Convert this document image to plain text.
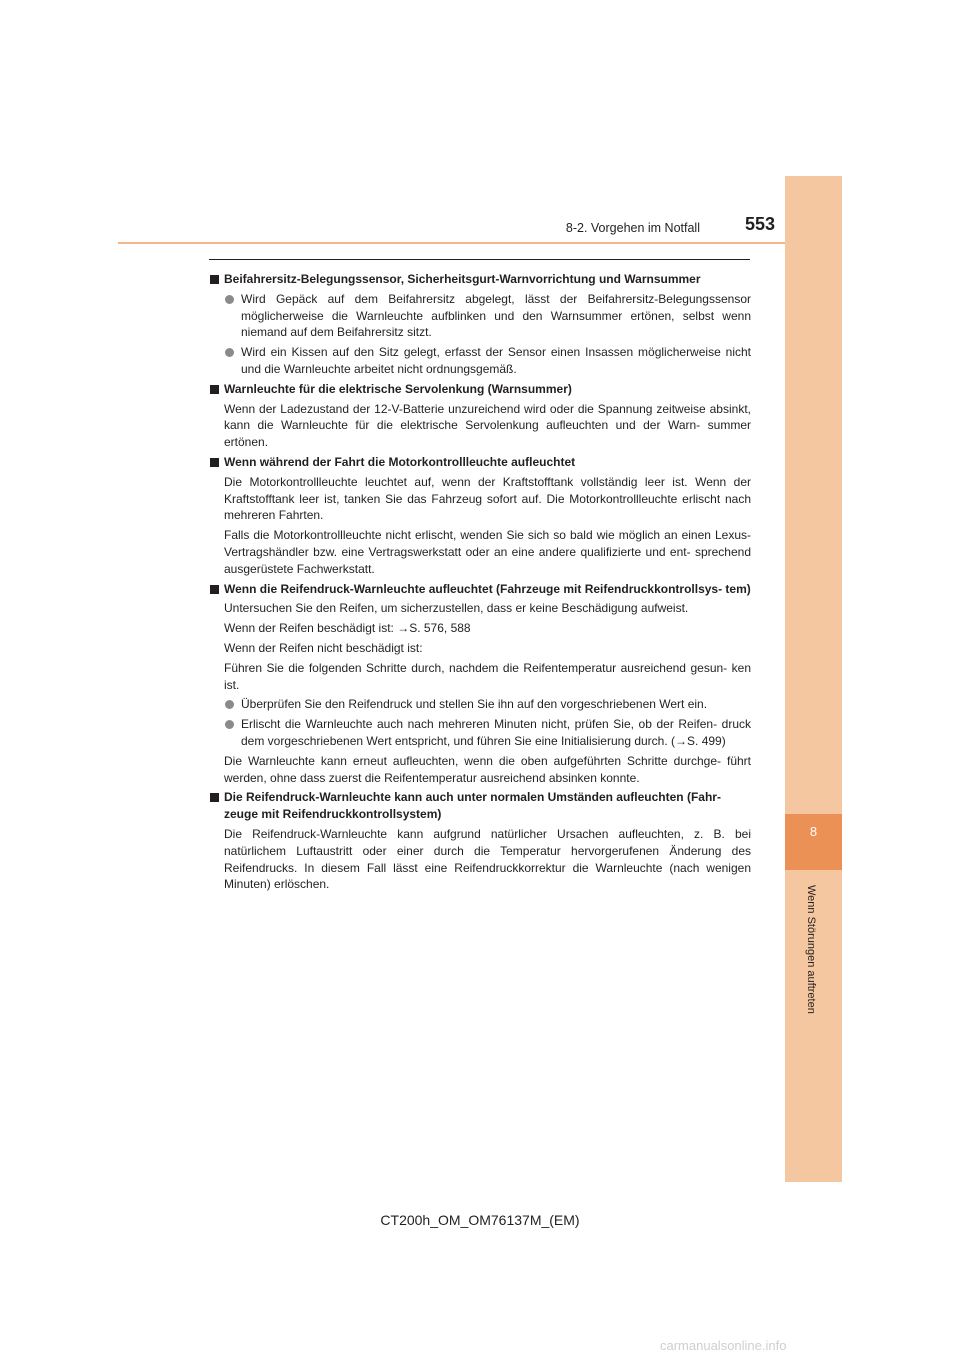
8
Wenn Störungen auftreten
8-2. Vorgehen im Notfall	553
Beifahrersitz-Belegungssensor, Sicherheitsgurt-Warnvorrichtung und Warnsummer
Wird Gepäck auf dem Beifahrersitz abgelegt, lässt der Beifahrersitz-Belegungssensor möglicherweise die Warnleuchte aufblinken und den Warnsummer ertönen, selbst wenn niemand auf dem Beifahrersitz sitzt.
Wird ein Kissen auf den Sitz gelegt, erfasst der Sensor einen Insassen möglicherweise nicht und die Warnleuchte arbeitet nicht ordnungsgemäß.
Warnleuchte für die elektrische Servolenkung (Warnsummer)
Wenn der Ladezustand der 12-V-Batterie unzureichend wird oder die Spannung zeitweise absinkt, kann die Warnleuchte für die elektrische Servolenkung aufleuchten und der Warn- summer ertönen.
Wenn während der Fahrt die Motorkontrollleuchte aufleuchtet
Die Motorkontrollleuchte leuchtet auf, wenn der Kraftstofftank vollständig leer ist. Wenn der Kraftstofftank leer ist, tanken Sie das Fahrzeug sofort auf. Die Motorkontrollleuchte erlischt nach mehreren Fahrten.
Falls die Motorkontrollleuchte nicht erlischt, wenden Sie sich so bald wie möglich an einen Lexus-Vertragshändler bzw. eine Vertragswerkstatt oder an eine andere qualifizierte und ent- sprechend ausgerüstete Fachwerkstatt.
Wenn die Reifendruck-Warnleuchte aufleuchtet (Fahrzeuge mit Reifendruckkontrollsys- tem)
Untersuchen Sie den Reifen, um sicherzustellen, dass er keine Beschädigung aufweist.
Wenn der Reifen beschädigt ist: →S. 576, 588
Wenn der Reifen nicht beschädigt ist:
Führen Sie die folgenden Schritte durch, nachdem die Reifentemperatur ausreichend gesun- ken ist.
Überprüfen Sie den Reifendruck und stellen Sie ihn auf den vorgeschriebenen Wert ein.
Erlischt die Warnleuchte auch nach mehreren Minuten nicht, prüfen Sie, ob der Reifen- druck dem vorgeschriebenen Wert entspricht, und führen Sie eine Initialisierung durch. (→S. 499)
Die Warnleuchte kann erneut aufleuchten, wenn die oben aufgeführten Schritte durchge- führt werden, ohne dass zuerst die Reifentemperatur ausreichend absinken konnte.
Die Reifendruck-Warnleuchte kann auch unter normalen Umständen aufleuchten (Fahr- zeuge mit Reifendruckkontrollsystem)
Die Reifendruck-Warnleuchte kann aufgrund natürlicher Ursachen aufleuchten, z. B. bei natürlichem Luftaustritt oder einer durch die Temperatur hervorgerufenen Änderung des Reifendrucks. In diesem Fall lässt eine Reifendruckkorrektur die Warnleuchte (nach wenigen Minuten) erlöschen.
CT200h_OM_OM76137M_(EM)
carmanualsonline.info
